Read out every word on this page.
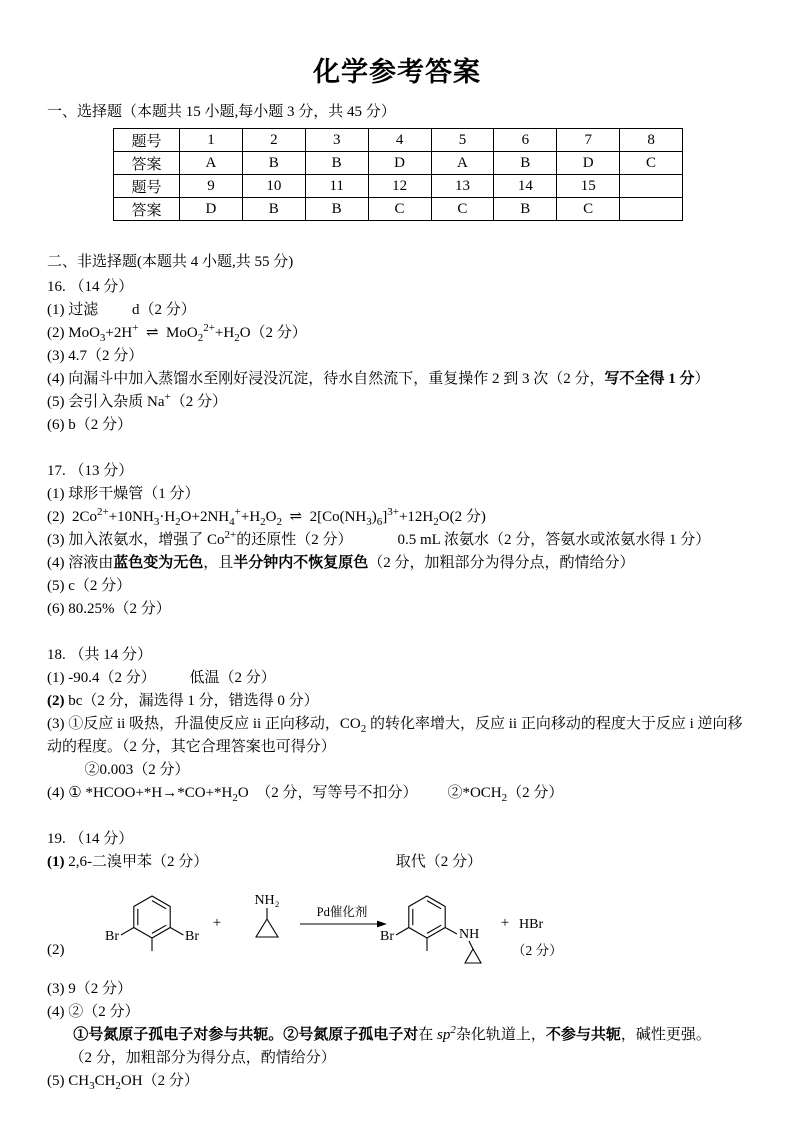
化学参考答案
一、选择题（本题共 15 小题,每小题 3 分，共 45 分）
题号	1	2	3	4	5	6	7	8
答案	A	B	B	D	A	B	D	C
题号	9	10	11	12	13	14	15	
答案	D	B	B	C	C	B	C	
二、非选择题(本题共 4 小题,共 55 分)
16. （14 分）
(1) 过滤         d（2 分）
(2) MoO$_3$+2H+  ⇌  $MoO_2^{2+}+H_2O(2$ 分）
(3) 4.7（2 分）
(4) 向漏斗中加入蒸馏水至刚好浸没沉淀，待水自然流下，重复操作 2 到 3 次（2 分，写不全得 1 分）
(5) 会引入杂质 Na+（2 分）
(6) b（2 分）
17. （13 分）
(1) 球形干燥管（1 分）
(2)  $2Co^{2+}+10NH_3\cdot H_2O+2NH_4^++H_2O_2$  ⇌  $2[Co(NH_3)_6]^{3+}+12H_2O(2$ 分)
(3) 加入浓氨水，增强了 $Co^{2+}$的还原性（2 分）            0.5 mL 浓氨水（2 分，答氨水或浓氨水得 1 分）
(4) 溶液由蓝色变为无色，且半分钟内不恢复原色（2 分，加粗部分为得分点，酌情给分）
(5) c（2 分）
(6) 80.25%（2 分）
18. （共 14 分）
(1) -90.4（2 分）         低温（2 分）
(2) bc（2 分，漏选得 1 分，错选得 0 分）
(3) ①反应 ii 吸热，升温使反应 ii 正向移动，$CO_2$ 的转化率增大，反应 ii 正向移动的程度大于反应 i 逆向移动的程度。（2 分，其它合理答案也可得分）
②0.003（2 分）
(4) ① $*HCOO+*H\to*CO+*H_2O$  （2 分，写等号不扣分）        $②*OCH_2(2$ 分）
19. （14 分）
(1) 2,6-二溴甲苯（2 分）                                                  取代（2 分）
(2)
Br	Br
+
NH₂
Pd催化剂
Br	NH
+ HBr
（2 分）
(3) 9（2 分）
(4) ②（2 分）
①号氮原子孤电子对参与共轭。②号氮原子孤电子对在 $sp^2$杂化轨道上，不参与共轭，碱性更强。
（2 分，加粗部分为得分点，酌情给分）
(5) $CH_3CH_2OH(2$ 分）
